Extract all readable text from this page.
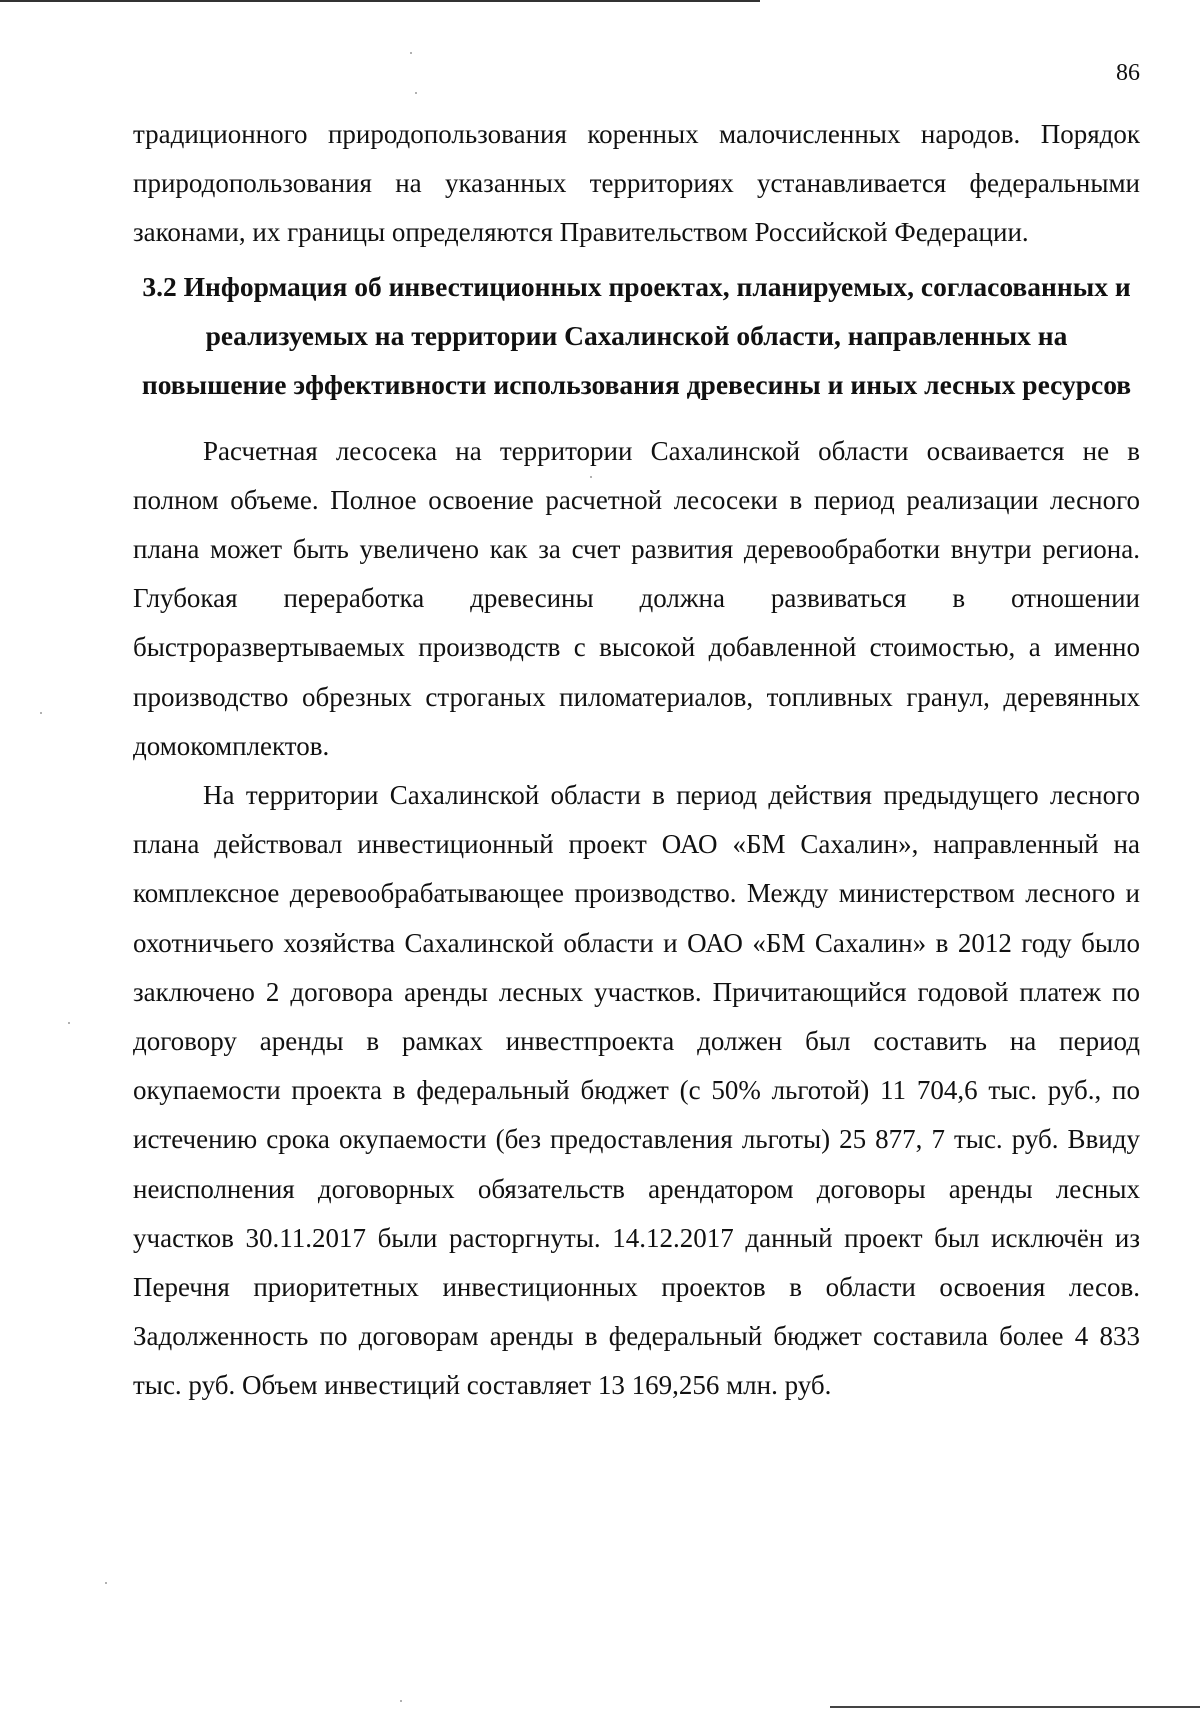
86

традиционного природопользования коренных малочисленных народов. Порядок природопользования на указанных территориях устанавливается федеральными законами, их границы определяются Правительством Российской Федерации.

3.2 Информация об инвестиционных проектах, планируемых, согласованных и реализуемых на территории Сахалинской области, направленных на повышение эффективности использования древесины и иных лесных ресурсов

Расчетная лесосека на территории Сахалинской области осваивается не в полном объеме. Полное освоение расчетной лесосеки в период реализации лесного плана может быть увеличено как за счет развития деревообработки внутри региона. Глубокая переработка древесины должна развиваться в отношении быстроразвертываемых производств с высокой добавленной стоимостью, а именно производство обрезных строганых пиломатериалов, топливных гранул, деревянных домокомплектов.

На территории Сахалинской области в период действия предыдущего лесного плана действовал инвестиционный проект ОАО «БМ Сахалин», направленный на комплексное деревообрабатывающее производство. Между министерством лесного и охотничьего хозяйства Сахалинской области и ОАО «БМ Сахалин» в 2012 году было заключено 2 договора аренды лесных участков. Причитающийся годовой платеж по договору аренды в рамках инвестпроекта должен был составить на период окупаемости проекта в федеральный бюджет (с 50% льготой) 11 704,6 тыс. руб., по истечению срока окупаемости (без предоставления льготы) 25 877, 7 тыс. руб. Ввиду неисполнения договорных обязательств арендатором договоры аренды лесных участков 30.11.2017 были расторгнуты. 14.12.2017 данный проект был исключён из Перечня приоритетных инвестиционных проектов в области освоения лесов. Задолженность по договорам аренды в федеральный бюджет составила более 4 833 тыс. руб. Объем инвестиций составляет 13 169,256 млн. руб.
